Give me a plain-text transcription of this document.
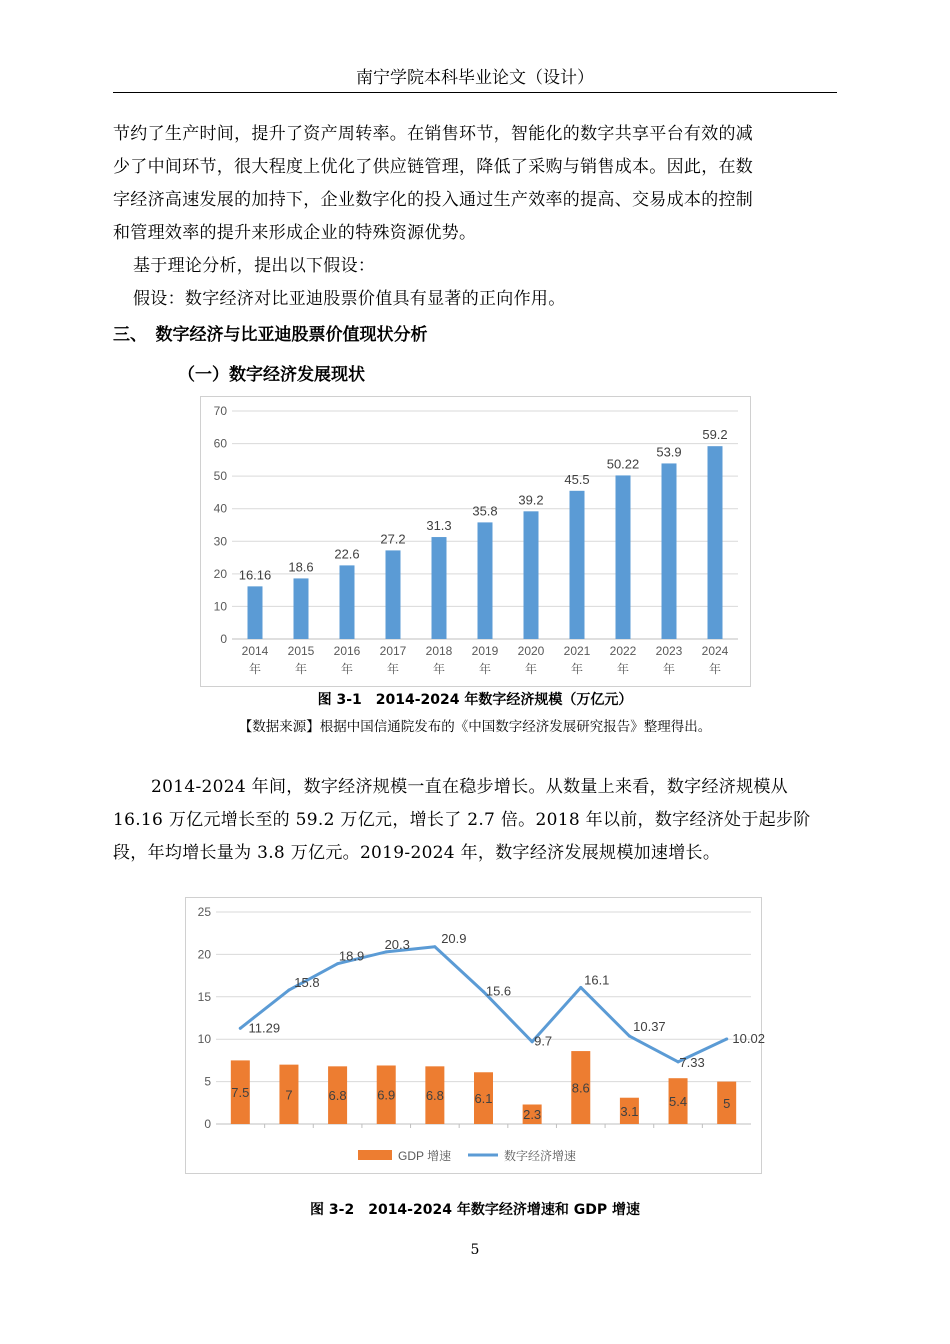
南宁学院本科毕业论文（设计）

节约了生产时间，提升了资产周转率。在销售环节，智能化的数字共享平台有效的减

少了中间环节，很大程度上优化了供应链管理，降低了采购与销售成本。因此，在数

字经济高速发展的加持下，企业数字化的投入通过生产效率的提高、交易成本的控制

和管理效率的提升来形成企业的特殊资源优势。

基于理论分析，提出以下假设：

假设：数字经济对比亚迪股票价值具有显著的正向作用。

三、　数字经济与比亚迪股票价值现状分析
（一）数字经济发展现状
0
10
20
30
40
50
60
70
16.16
2014
年
18.6
2015
年
22.6
2016
年
27.2
2017
年
31.3
2018
年
35.8
2019
年
39.2
2020
年
45.5
2021
年
50.22
2022
年
53.9
2023
年
59.2
2024
年
图 3-1　2014-2024 年数字经济规模（万亿元）
【数据来源】根据中国信通院发布的《中国数字经济发展研究报告》整理得出。

2014-2024 年间，数字经济规模一直在稳步增长。从数量上来看，数字经济规模从

16.16 万亿元增长至的 59.2 万亿元，增长了 2.7 倍。2018 年以前，数字经济处于起步阶

段，年均增长量为 3.8 万亿元。2019-2024 年，数字经济发展规模加速增长。

0
5
10
15
20
25
7.5	7	6.8 6.9 6.8 6.1
2.3
8.6
3.1
5.4	5
11.29
15.8
18.9
20.3 20.9
15.6
9.7
16.1
10.37
7.33
10.02
GDP 增速	数字经济增速
图 3-2　2014-2024 年数字经济增速和 GDP 增速
5
